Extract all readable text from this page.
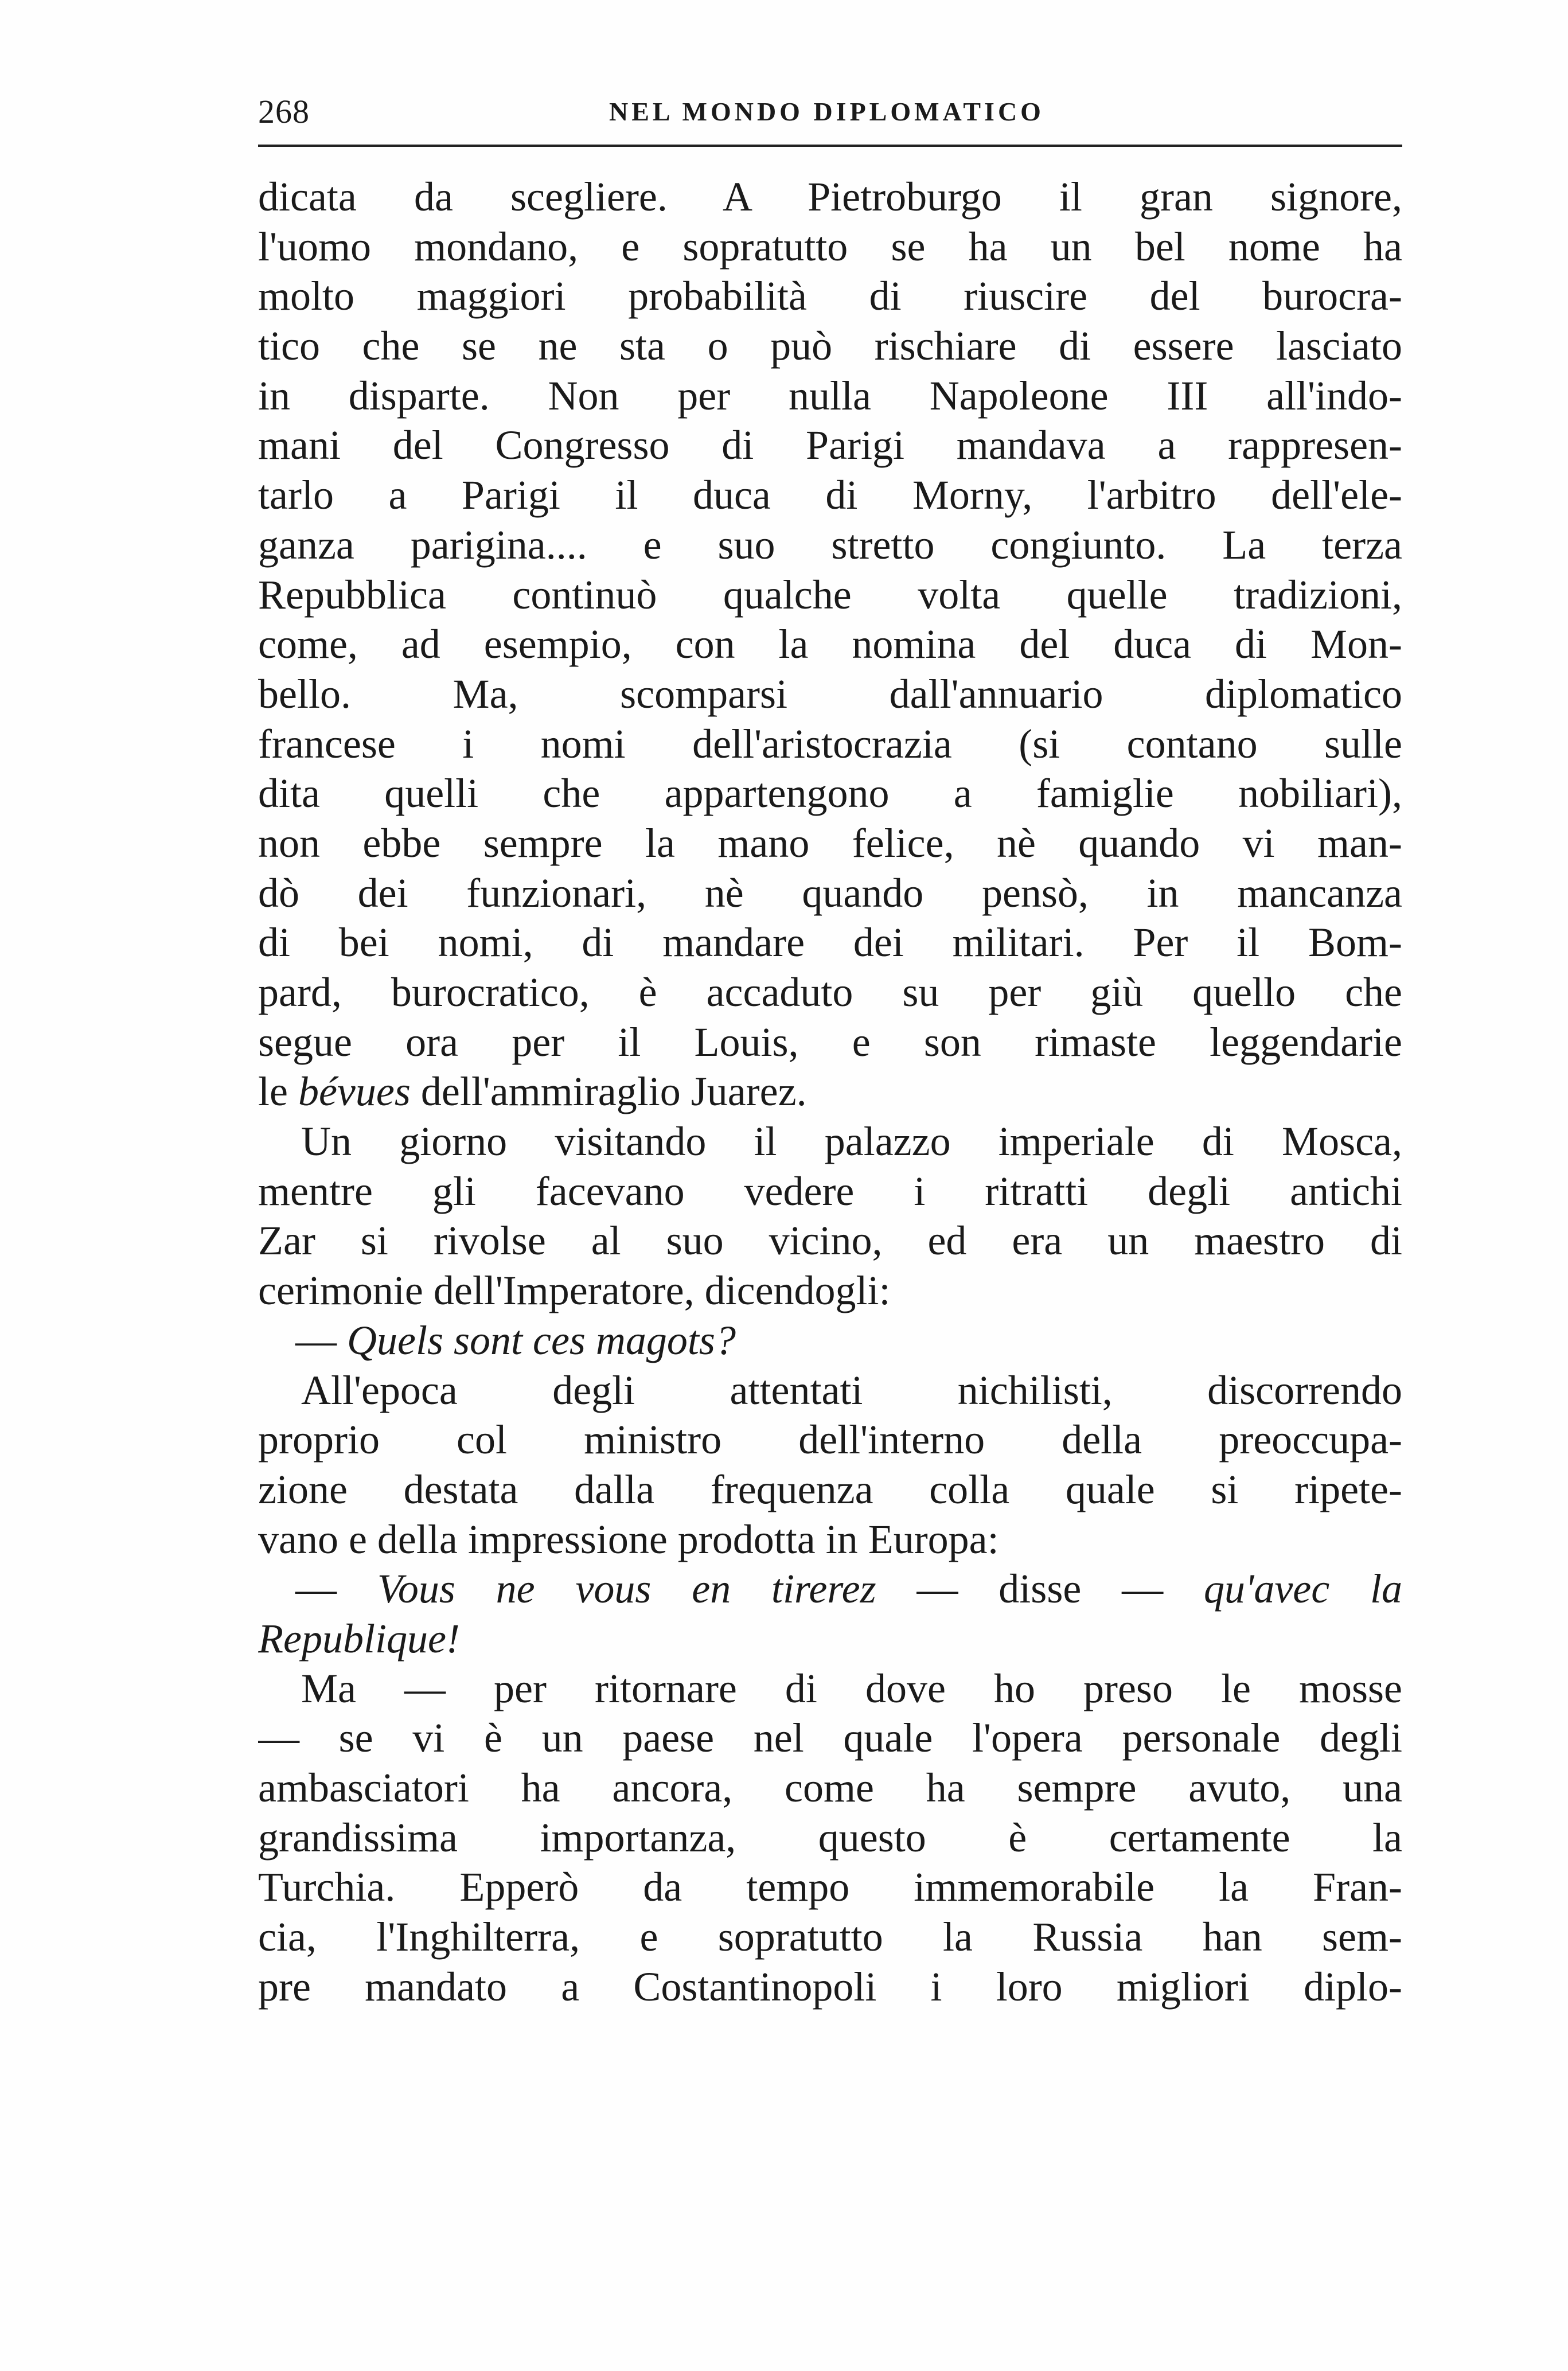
268	NEL MONDO DIPLOMATICO
dicata da scegliere. A Pietroburgo il gran signore,
l'uomo mondano, e sopratutto se ha un bel nome ha
molto maggiori probabilità di riuscire del burocra-
tico che se ne sta o può rischiare di essere lasciato
in disparte. Non per nulla Napoleone III all'indo-
mani del Congresso di Parigi mandava a rappresen-
tarlo a Parigi il duca di Morny, l'arbitro dell'ele-
ganza parigina.... e suo stretto congiunto. La terza
Repubblica continuò qualche volta quelle tradizioni,
come, ad esempio, con la nomina del duca di Mon-
bello. Ma, scomparsi dall'annuario diplomatico
francese i nomi dell'aristocrazia (si contano sulle
dita quelli che appartengono a famiglie nobiliari),
non ebbe sempre la mano felice, nè quando vi man-
dò dei funzionari, nè quando pensò, in mancanza
di bei nomi, di mandare dei militari. Per il Bom-
pard, burocratico, è accaduto su per giù quello che
segue ora per il Louis, e son rimaste leggendarie
le bévues dell'ammiraglio Juarez.
Un giorno visitando il palazzo imperiale di Mosca,
mentre gli facevano vedere i ritratti degli antichi
Zar si rivolse al suo vicino, ed era un maestro di
cerimonie dell'Imperatore, dicendogli:
— Quels sont ces magots?
All'epoca degli attentati nichilisti, discorrendo
proprio col ministro dell'interno della preoccupa-
zione destata dalla frequenza colla quale si ripete-
vano e della impressione prodotta in Europa:
— Vous ne vous en tirerez — disse — qu'avec la
Republique!
Ma — per ritornare di dove ho preso le mosse
— se vi è un paese nel quale l'opera personale degli
ambasciatori ha ancora, come ha sempre avuto, una
grandissima importanza, questo è certamente la
Turchia. Epperò da tempo immemorabile la Fran-
cia, l'Inghilterra, e sopratutto la Russia han sem-
pre mandato a Costantinopoli i loro migliori diplo-
